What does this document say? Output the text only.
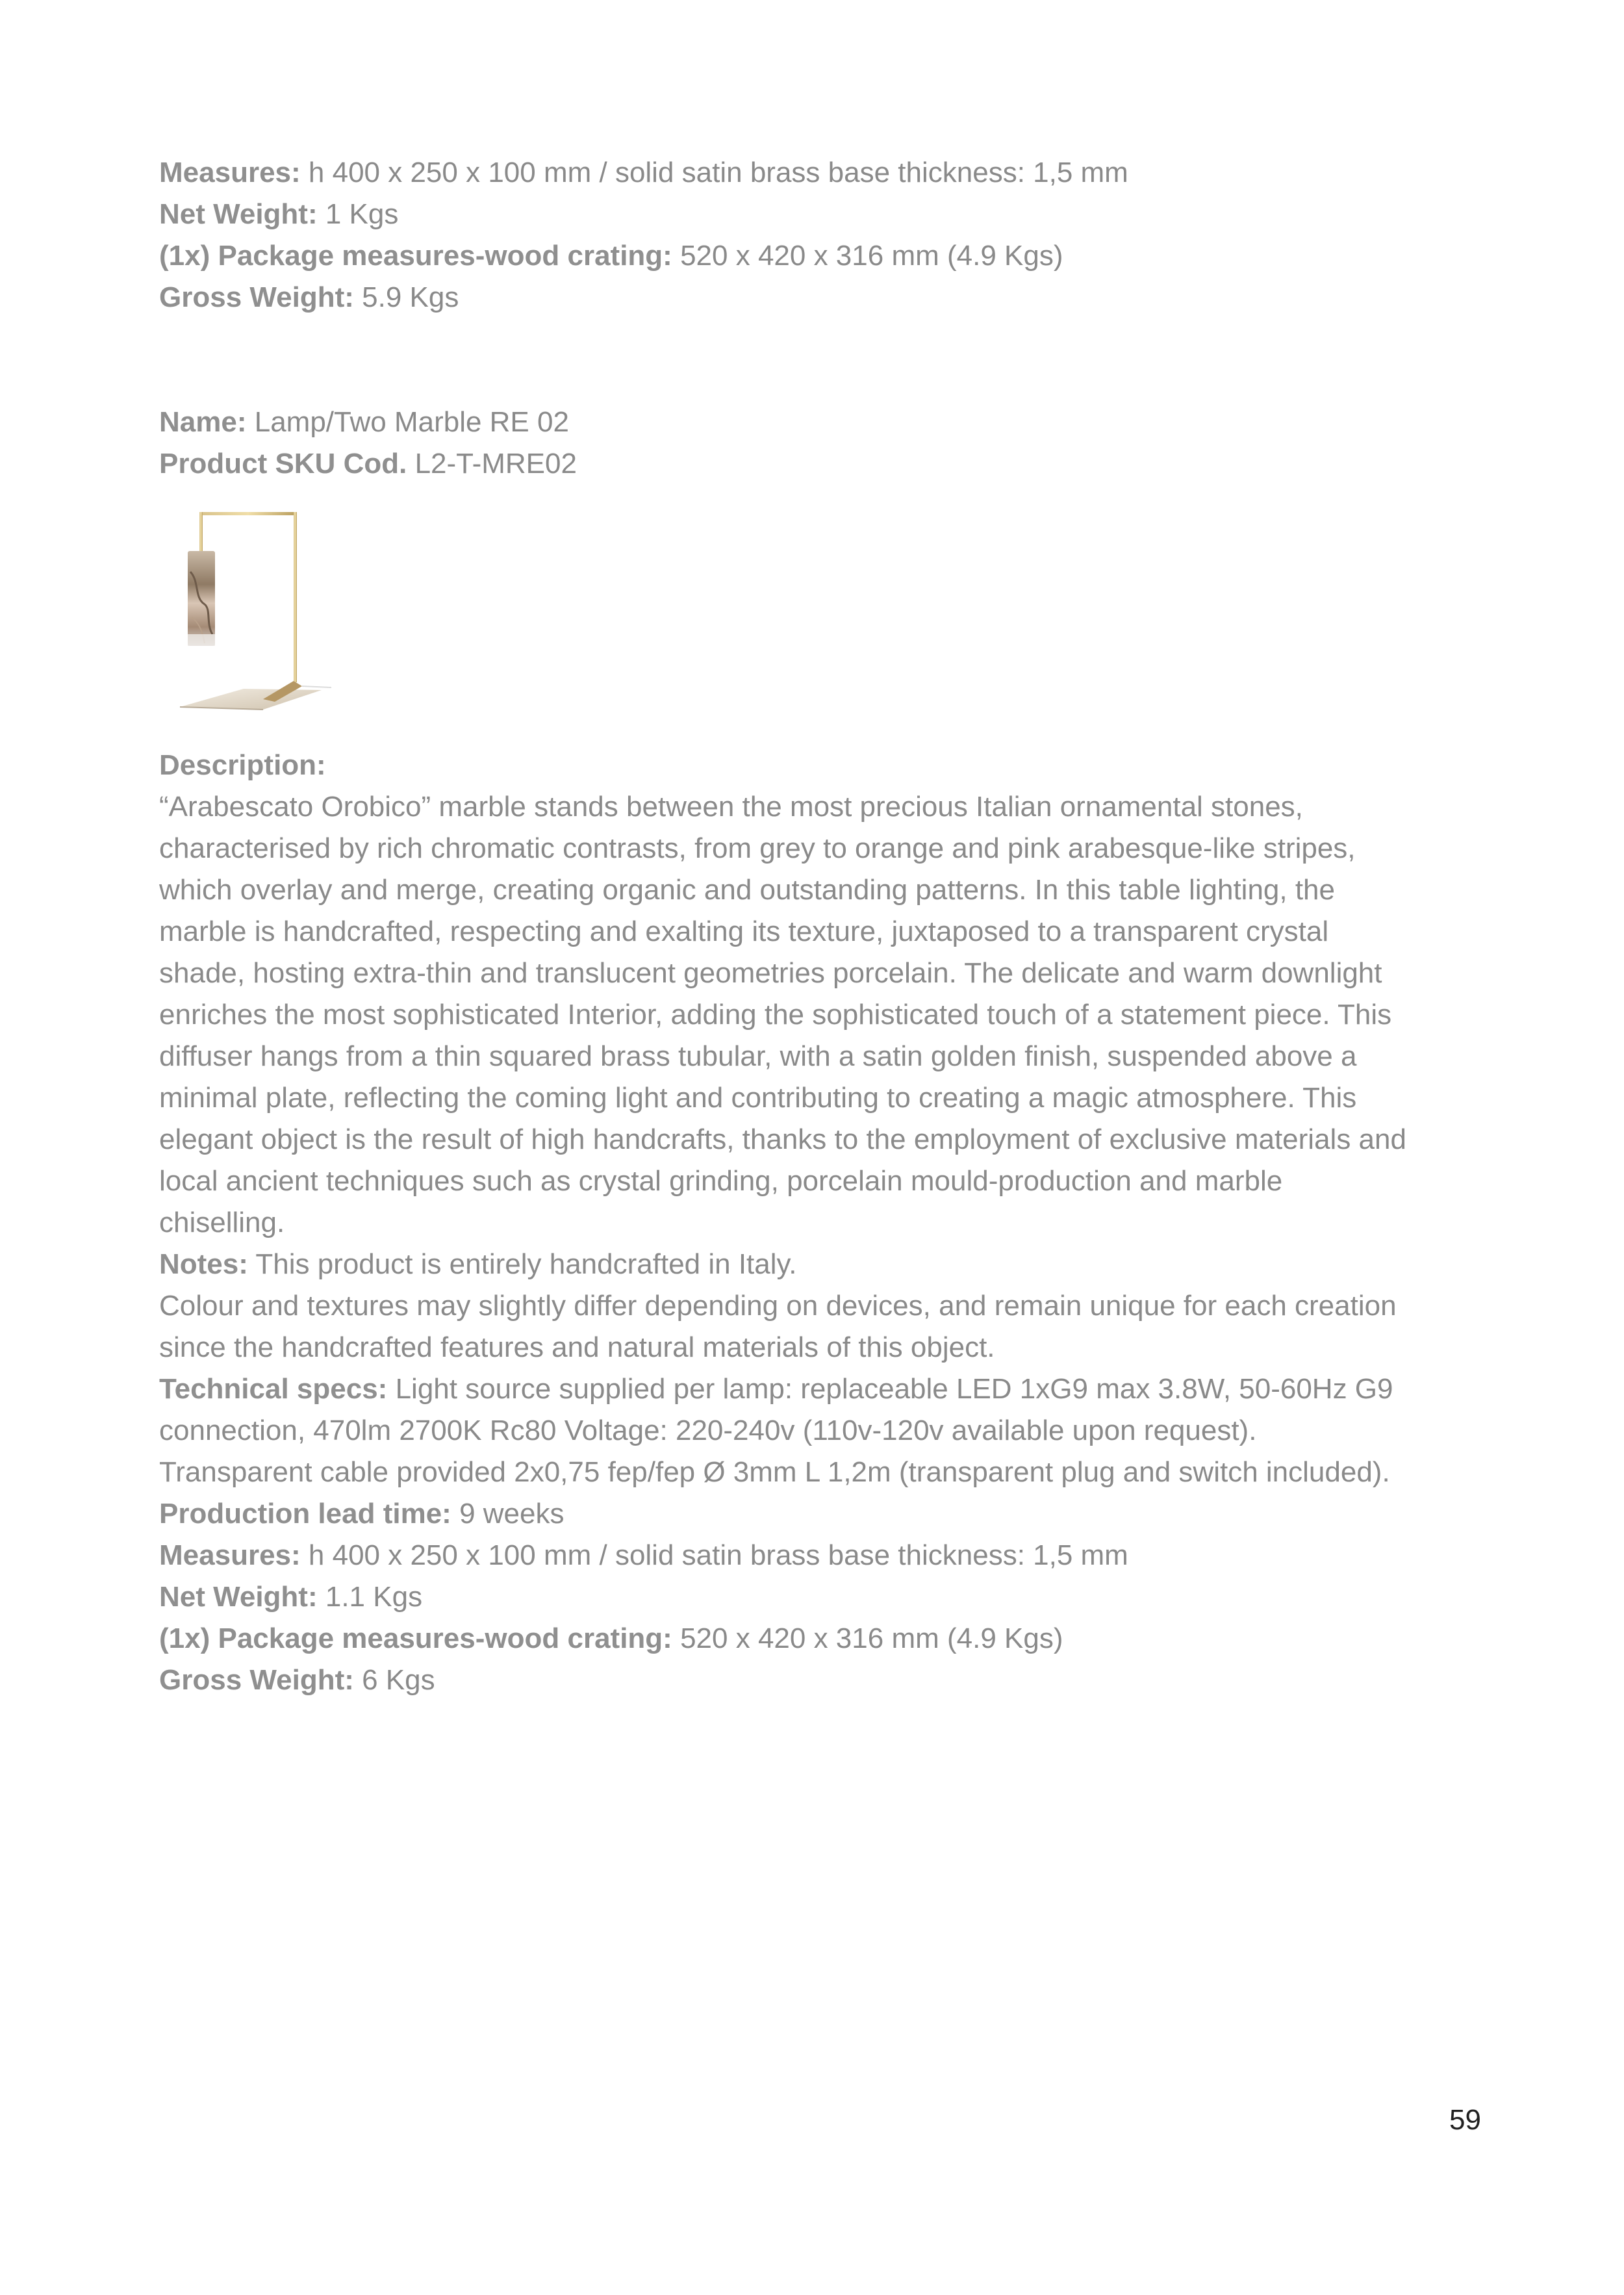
Measures: h 400 x 250 x 100 mm / solid satin brass base thickness: 1,5 mm
Net Weight: 1 Kgs
(1x) Package measures-wood crating: 520 x 420 x 316 mm (4.9 Kgs)
Gross Weight: 5.9 Kgs
Name: Lamp/Two Marble RE 02
Product SKU Cod. L2-T-MRE02
Description:
“Arabescato Orobico” marble stands between the most precious Italian ornamental stones,
characterised by rich chromatic contrasts, from grey to orange and pink arabesque-like stripes,
which overlay and merge, creating organic and outstanding patterns. In this table lighting, the
marble is handcrafted, respecting and exalting its texture, juxtaposed to a transparent crystal
shade, hosting extra-thin and translucent geometries porcelain. The delicate and warm downlight
enriches the most sophisticated Interior, adding the sophisticated touch of a statement piece. This
diffuser hangs from a thin squared brass tubular, with a satin golden finish, suspended above a
minimal plate, reflecting the coming light and contributing to creating a magic atmosphere. This
elegant object is the result of high handcrafts, thanks to the employment of exclusive materials and
local ancient techniques such as crystal grinding, porcelain mould-production and marble
chiselling.
Notes: This product is entirely handcrafted in Italy.
Colour and textures may slightly differ depending on devices, and remain unique for each creation
since the handcrafted features and natural materials of this object.
Technical specs: Light source supplied per lamp: replaceable LED 1xG9 max 3.8W, 50-60Hz G9
connection, 470lm 2700K Rc80 Voltage: 220-240v (110v-120v available upon request).
Transparent cable provided 2x0,75 fep/fep Ø 3mm L 1,2m (transparent plug and switch included).
Production lead time: 9 weeks
Measures: h 400 x 250 x 100 mm / solid satin brass base thickness: 1,5 mm
Net Weight: 1.1 Kgs
(1x) Package measures-wood crating: 520 x 420 x 316 mm (4.9 Kgs)
Gross Weight: 6 Kgs
59
